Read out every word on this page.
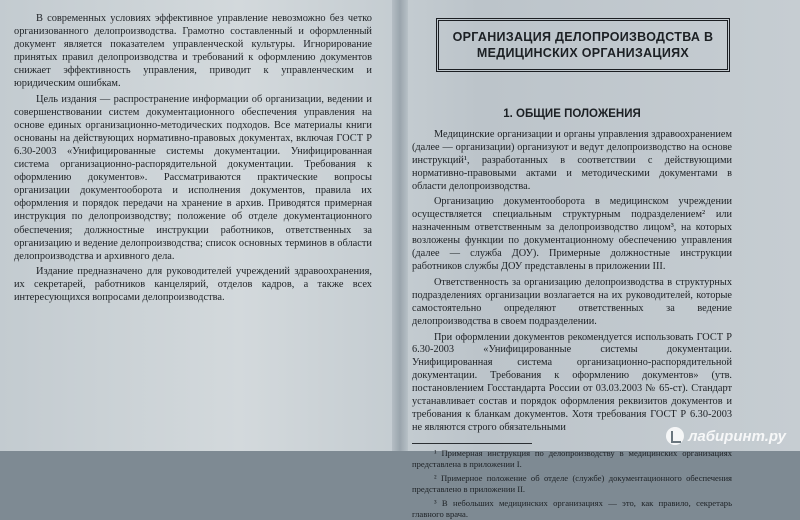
В современных условиях эффективное управление невозможно без четко организованного делопроизводства. Грамотно составленный и оформленный документ является показателем управленческой культуры. Игнорирование принятых правил делопроизводства и требований к оформлению документов снижает эффективность управления, приводит к управленческим и юридическим ошибкам.

Цель издания — распространение информации об организации, ведении и совершенствовании систем документационного обеспечения управления на основе единых организационно-методических подходов. Все материалы книги основаны на действующих нормативно-правовых документах, включая ГОСТ Р 6.30-2003 «Унифицированные системы документации. Унифицированная система организационно-распорядительной документации. Требования к оформлению документов». Рассматриваются практические вопросы организации документооборота и исполнения документов, правила их оформления и порядок передачи на хранение в архив. Приводятся примерная инструкция по делопроизводству; положение об отделе документационного обеспечения; должностные инструкции работников, ответственных за организацию и ведение делопроизводства; список основных терминов в области делопроизводства и архивного дела.

Издание предназначено для руководителей учреждений здравоохранения, их секретарей, работников канцелярий, отделов кадров, а также всех интересующихся вопросами делопроизводства.

ОРГАНИЗАЦИЯ ДЕЛОПРОИЗВОДСТВА В МЕДИЦИНСКИХ ОРГАНИЗАЦИЯХ
1. ОБЩИЕ ПОЛОЖЕНИЯ

Медицинские организации и органы управления здравоохранением (далее — организации) организуют и ведут делопроизводство на основе инструкций¹, разработанных в соответствии с действующими нормативно-правовыми актами и методическими документами в области делопроизводства.

Организацию документооборота в медицинском учреждении осуществляется специальным структурным подразделением² или назначенным ответственным за делопроизводство лицом³, на которых возложены функции по документационному обеспечению управления (далее — служба ДОУ). Примерные должностные инструкции работников службы ДОУ представлены в приложении III.

Ответственность за организацию делопроизводства в структурных подразделениях организации возлагается на их руководителей, которые самостоятельно определяют ответственных за ведение делопроизводства в своем подразделении.

При оформлении документов рекомендуется использовать ГОСТ Р 6.30-2003 «Унифицированные системы документации. Унифицированная система организационно-распорядительной документации. Требования к оформлению документов» (утв. постановлением Госстандарта России от 03.03.2003 № 65-ст). Стандарт устанавливает состав и порядок оформления реквизитов документов и требования к бланкам документов. Хотя требования ГОСТ Р 6.30-2003 не являются строго обязательными

¹ Примерная инструкция по делопроизводству в медицинских организациях представлена в приложении I.

² Примерное положение об отделе (службе) документационного обеспечения представлено в приложении II.

³ В небольших медицинских организациях — это, как правило, секретарь главного врача.

лабиринт.ру
